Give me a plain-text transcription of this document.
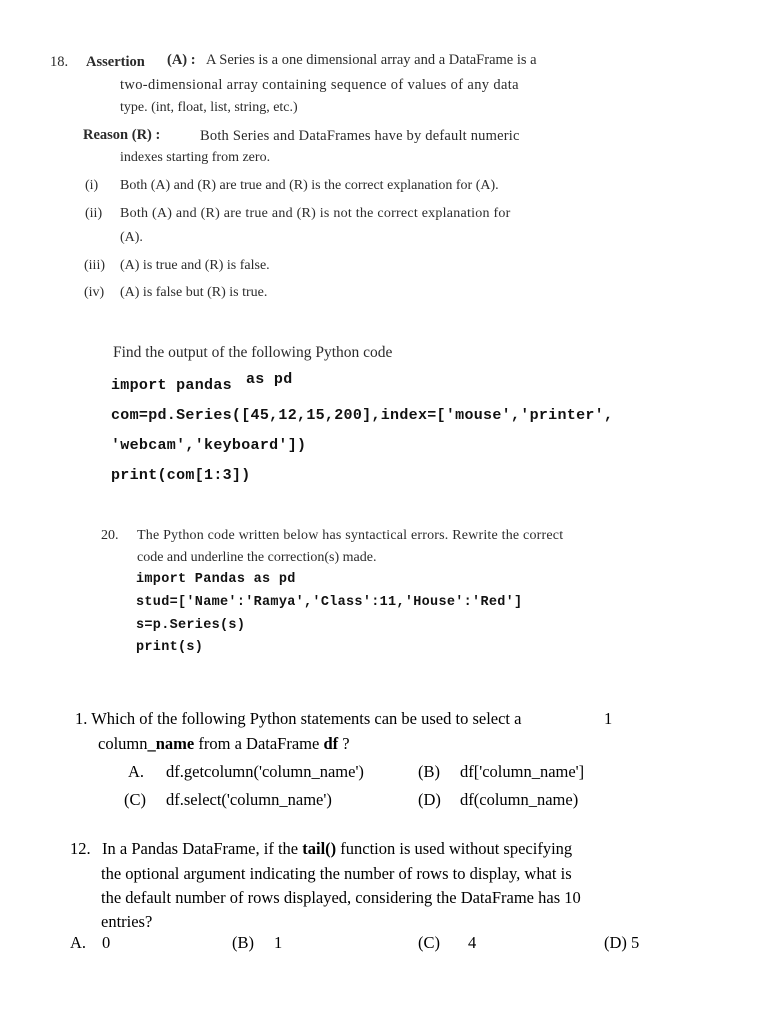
18. Assertion (A) : A Series is a one dimensional array and a DataFrame is a
two-dimensional array containing sequence of values of any data
type. (int, float, list, string, etc.)
Reason (R) :	Both Series and DataFrames have by default numeric
indexes starting from zero.
(i) Both (A) and (R) are true and (R) is the correct explanation for (A).
(ii) Both (A) and (R) are true and (R) is not the correct explanation for
(A).
(iii) (A) is true and (R) is false.
(iv) (A) is false but (R) is true.
Find the output of the following Python code
import pandas as pd
com=pd.Series([45,12,15,200],index=['mouse','printer',
'webcam','keyboard'])
print(com[1:3])
20. The Python code written below has syntactical errors. Rewrite the correct
code and underline the correction(s) made.
import Pandas as pd
stud=['Name':'Ramya','Class':11,'House':'Red']
s=p.Series(s)
print(s)
1. Which of the following Python statements can be used to select a	1
column_name from a DataFrame df ?
A. df.getcolumn('column_name')	(B) df['column_name']
(C) df.select('column_name')	(D) df(column_name)
12. In a Pandas DataFrame, if the tail() function is used without specifying
the optional argument indicating the number of rows to display, what is
the default number of rows displayed, considering the DataFrame has 10
entries?
A. 0	(B) 1	(C) 4	(D) 5
